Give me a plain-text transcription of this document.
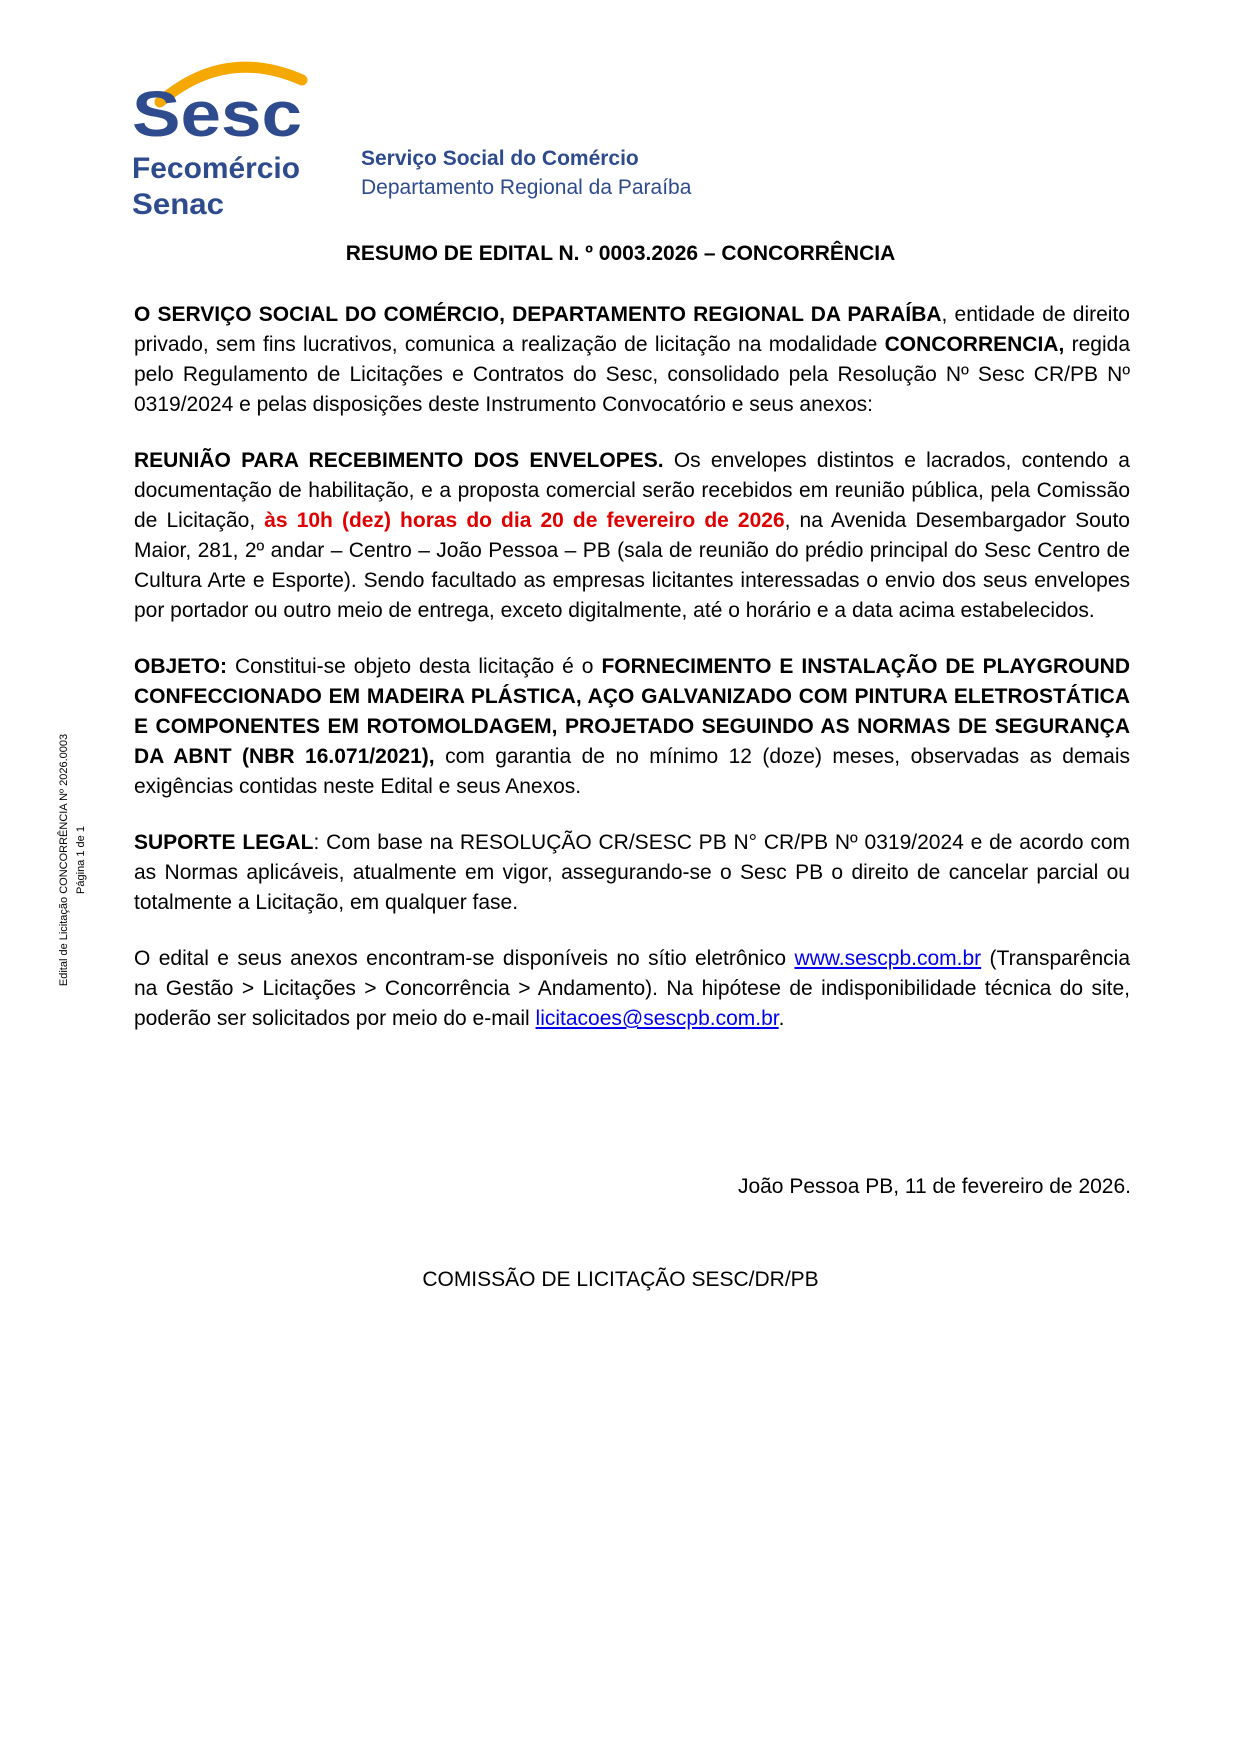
Sesc
Fecomércio
Senac
Serviço Social do Comércio
Departamento Regional da Paraíba
RESUMO DE EDITAL N. º 0003.2026 – CONCORRÊNCIA

O SERVIÇO SOCIAL DO COMÉRCIO, DEPARTAMENTO REGIONAL DA PARAÍBA, entidade de direito privado, sem fins lucrativos, comunica a realização de licitação na modalidade CONCORRENCIA, regida pelo Regulamento de Licitações e Contratos do Sesc, consolidado pela Resolução Nº Sesc CR/PB Nº 0319/2024 e pelas disposições deste Instrumento Convocatório e seus anexos:

REUNIÃO PARA RECEBIMENTO DOS ENVELOPES. Os envelopes distintos e lacrados, contendo a documentação de habilitação, e a proposta comercial serão recebidos em reunião pública, pela Comissão de Licitação, às 10h (dez) horas do dia 20 de fevereiro de 2026, na Avenida Desembargador Souto Maior, 281, 2º andar – Centro – João Pessoa – PB (sala de reunião do prédio principal do Sesc Centro de Cultura Arte e Esporte). Sendo facultado as empresas licitantes interessadas o envio dos seus envelopes por portador ou outro meio de entrega, exceto digitalmente, até o horário e a data acima estabelecidos.

OBJETO: Constitui-se objeto desta licitação é o FORNECIMENTO E INSTALAÇÃO DE PLAYGROUND CONFECCIONADO EM MADEIRA PLÁSTICA, AÇO GALVANIZADO COM PINTURA ELETROSTÁTICA E COMPONENTES EM ROTOMOLDAGEM, PROJETADO SEGUINDO AS NORMAS DE SEGURANÇA DA ABNT (NBR 16.071/2021), com garantia de no mínimo 12 (doze) meses, observadas as demais exigências contidas neste Edital e seus Anexos.

SUPORTE LEGAL: Com base na RESOLUÇÃO CR/SESC PB N° CR/PB Nº 0319/2024 e de acordo com as Normas aplicáveis, atualmente em vigor, assegurando-se o Sesc PB o direito de cancelar parcial ou totalmente a Licitação, em qualquer fase.

O edital e seus anexos encontram-se disponíveis no sítio eletrônico www.sescpb.com.br (Transparência na Gestão > Licitações > Concorrência > Andamento). Na hipótese de indisponibilidade técnica do site, poderão ser solicitados por meio do e-mail licitacoes@sescpb.com.br.

João Pessoa PB, 11 de fevereiro de 2026.
COMISSÃO DE LICITAÇÃO SESC/DR/PB
Edital de Licitação CONCORRÊNCIA Nº 2026.0003 Página 1 de 1
